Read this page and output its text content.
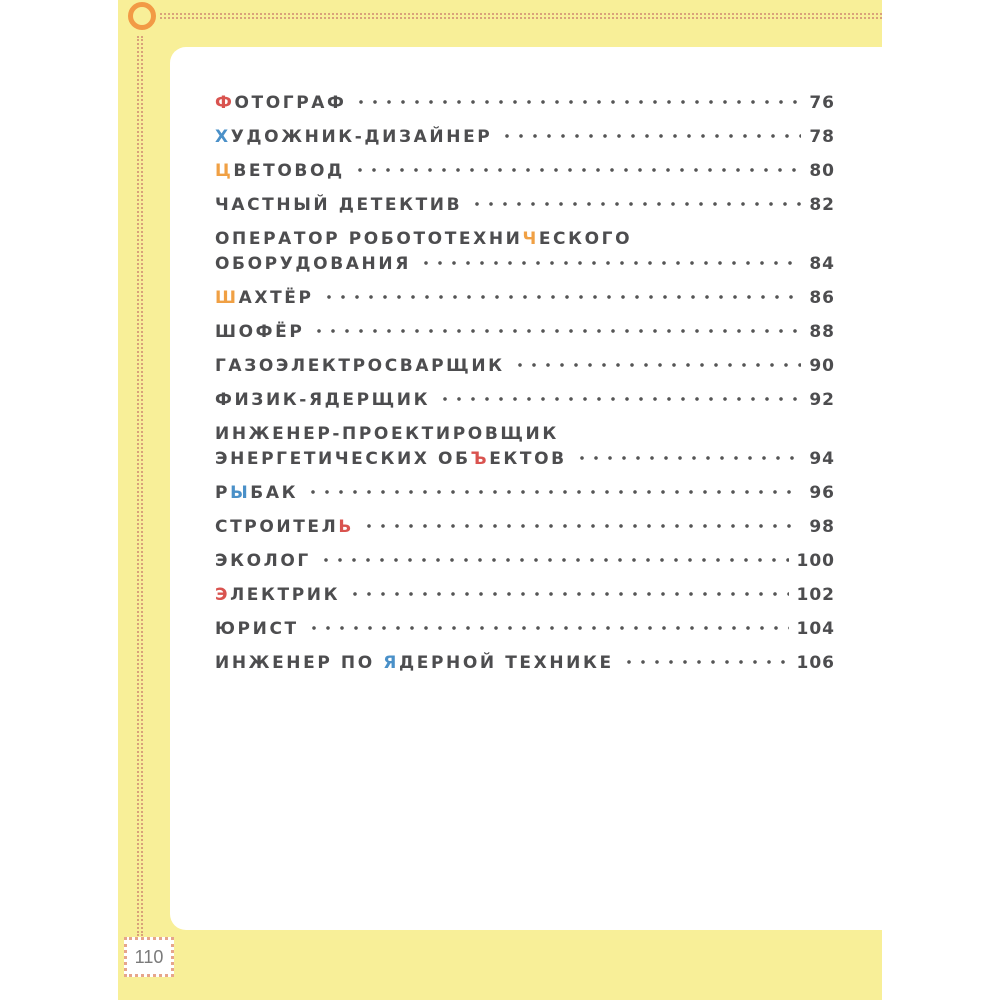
ФОТОГРАФ	76
ХУДОЖНИК-ДИЗАЙНЕР	78
ЦВЕТОВОД	80
ЧАСТНЫЙ ДЕТЕКТИВ	82
ОПЕРАТОР РОБОТОТЕХНИЧЕСКОГО
ОБОРУДОВАНИЯ	84
ШАХТЁР	86
ШОФЁР	88
ГАЗОЭЛЕКТРОСВАРЩИК	90
ФИЗИК-ЯДЕРЩИК	92
ИНЖЕНЕР-ПРОЕКТИРОВЩИК
ЭНЕРГЕТИЧЕСКИХ ОБЪЕКТОВ	94
РЫБАК	96
СТРОИТЕЛЬ	98
ЭКОЛОГ	100
ЭЛЕКТРИК	102
ЮРИСТ	104
ИНЖЕНЕР ПО ЯДЕРНОЙ ТЕХНИКЕ	106
110
